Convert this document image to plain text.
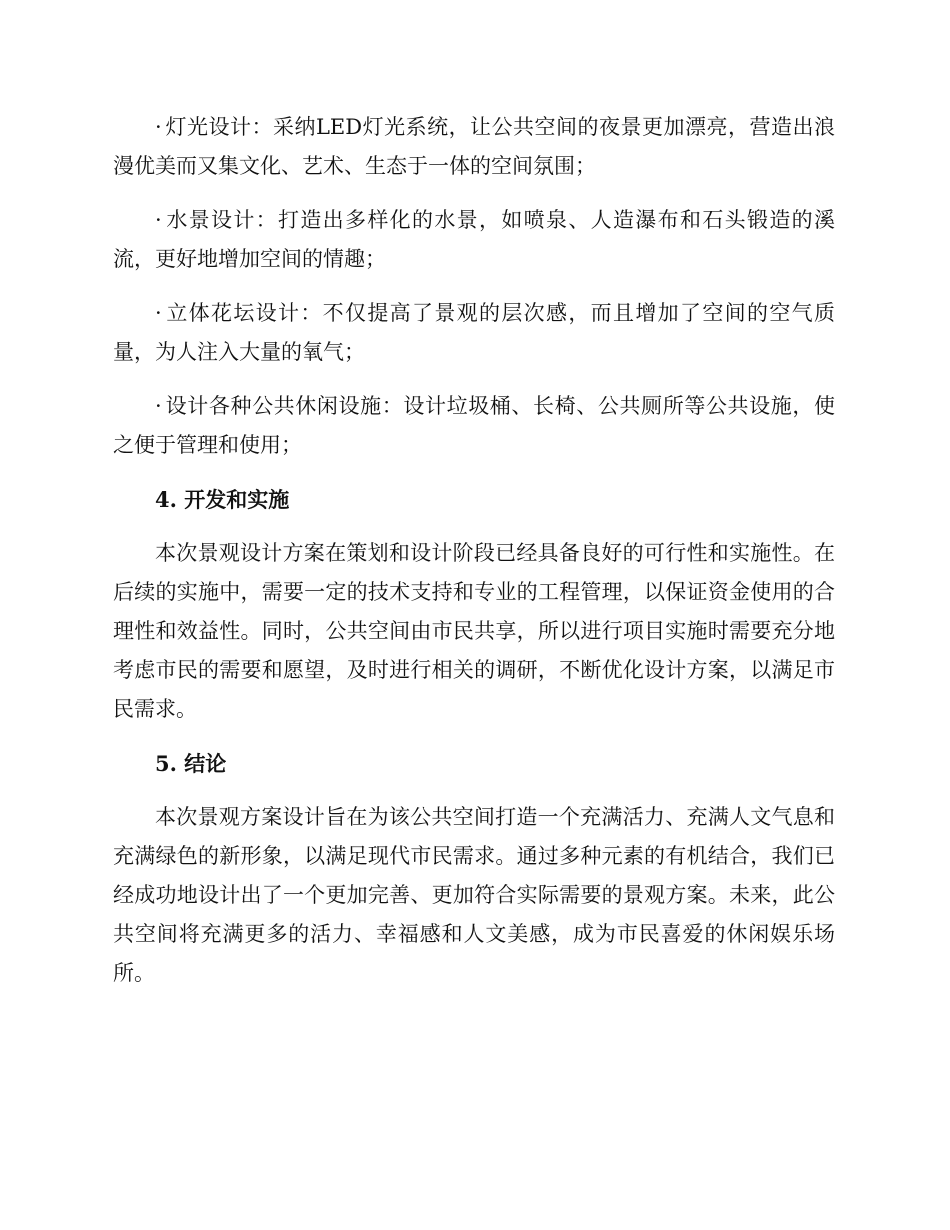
· 灯光设计：采纳LED灯光系统，让公共空间的夜景更加漂亮，营造出浪漫优美而又集文化、艺术、生态于一体的空间氛围；

· 水景设计：打造出多样化的水景，如喷泉、人造瀑布和石头锻造的溪流，更好地增加空间的情趣；

· 立体花坛设计：不仅提高了景观的层次感，而且增加了空间的空气质量，为人注入大量的氧气；

· 设计各种公共休闲设施：设计垃圾桶、长椅、公共厕所等公共设施，使之便于管理和使用；

4. 开发和实施

本次景观设计方案在策划和设计阶段已经具备良好的可行性和实施性。在后续的实施中，需要一定的技术支持和专业的工程管理，以保证资金使用的合理性和效益性。同时，公共空间由市民共享，所以进行项目实施时需要充分地考虑市民的需要和愿望，及时进行相关的调研，不断优化设计方案，以满足市民需求。

5. 结论

本次景观方案设计旨在为该公共空间打造一个充满活力、充满人文气息和充满绿色的新形象，以满足现代市民需求。通过多种元素的有机结合，我们已经成功地设计出了一个更加完善、更加符合实际需要的景观方案。未来，此公共空间将充满更多的活力、幸福感和人文美感，成为市民喜爱的休闲娱乐场所。
